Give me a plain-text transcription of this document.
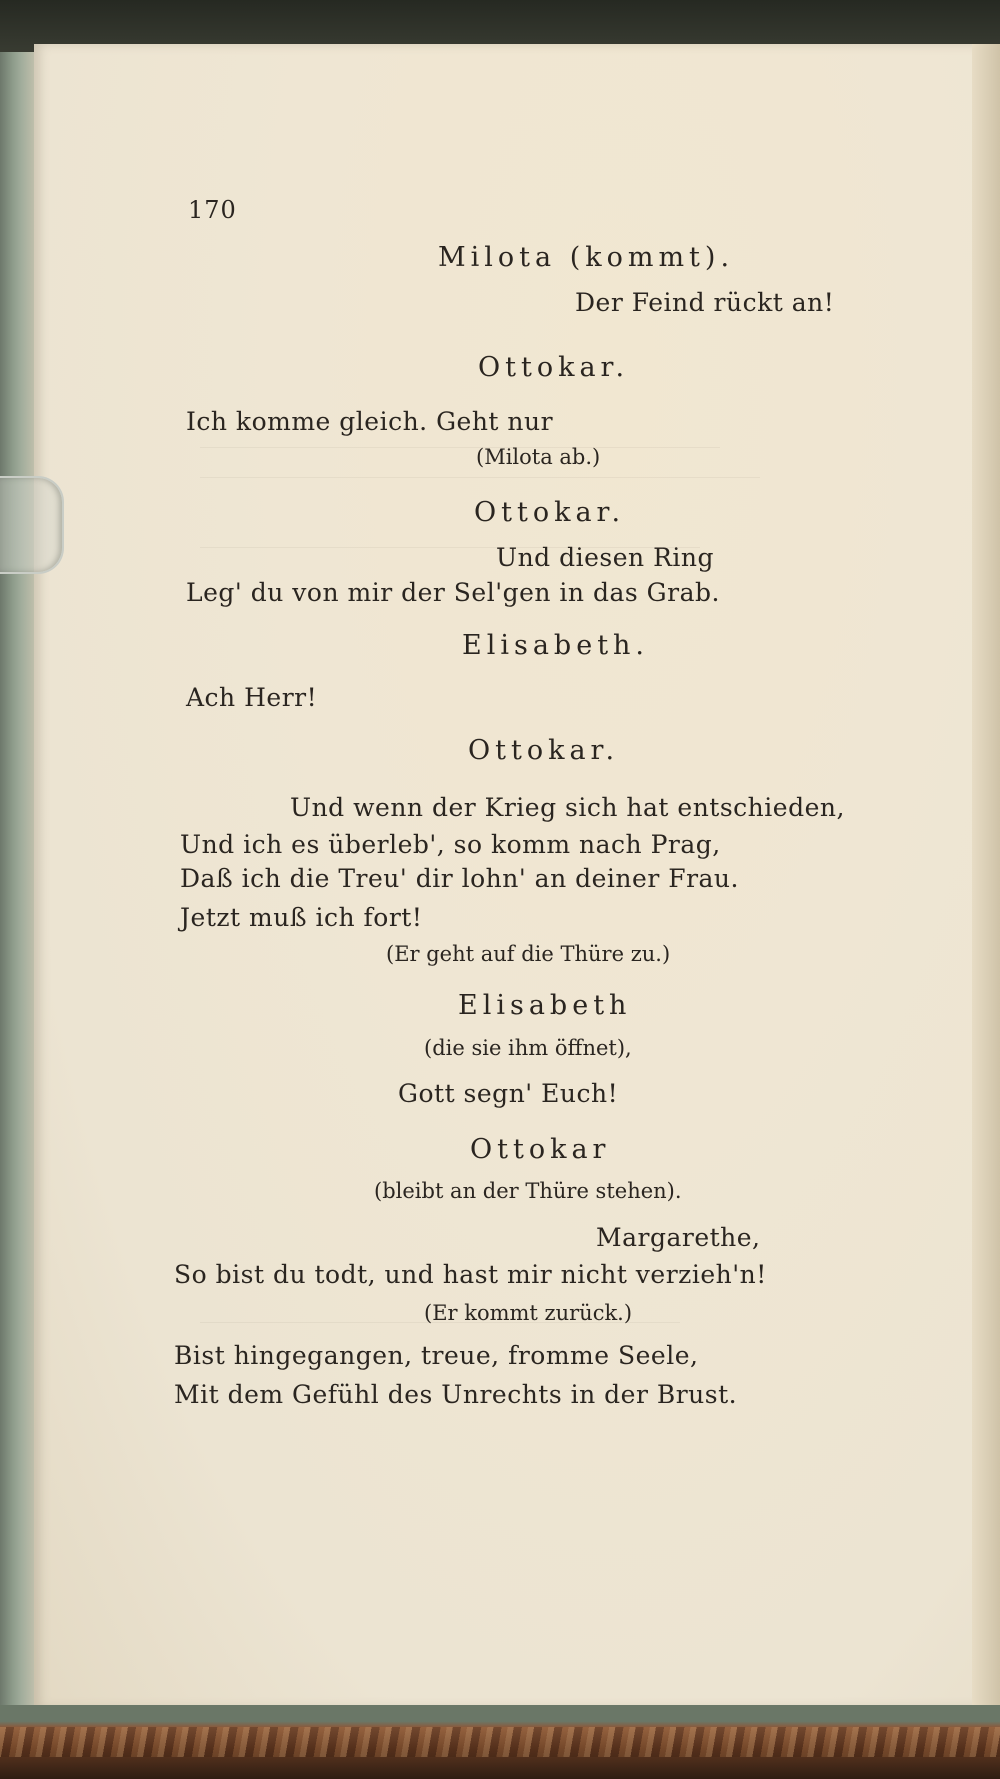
170
Milota (kommt).
Der Feind rückt an!
Ottokar.
Ich komme gleich. Geht nur
(Milota ab.)
Ottokar.
Und diesen Ring
Leg' du von mir der Sel'gen in das Grab.
Elisabeth.
Ach Herr!
Ottokar.
Und wenn der Krieg sich hat entschieden,
Und ich es überleb', so komm nach Prag,
Daß ich die Treu' dir lohn' an deiner Frau.
Jetzt muß ich fort!
(Er geht auf die Thüre zu.)
Elisabeth
(die sie ihm öffnet),
Gott segn' Euch!
Ottokar
(bleibt an der Thüre stehen).
Margarethe,
So bist du todt, und hast mir nicht verzieh'n!
(Er kommt zurück.)
Bist hingegangen, treue, fromme Seele,
Mit dem Gefühl des Unrechts in der Brust.
